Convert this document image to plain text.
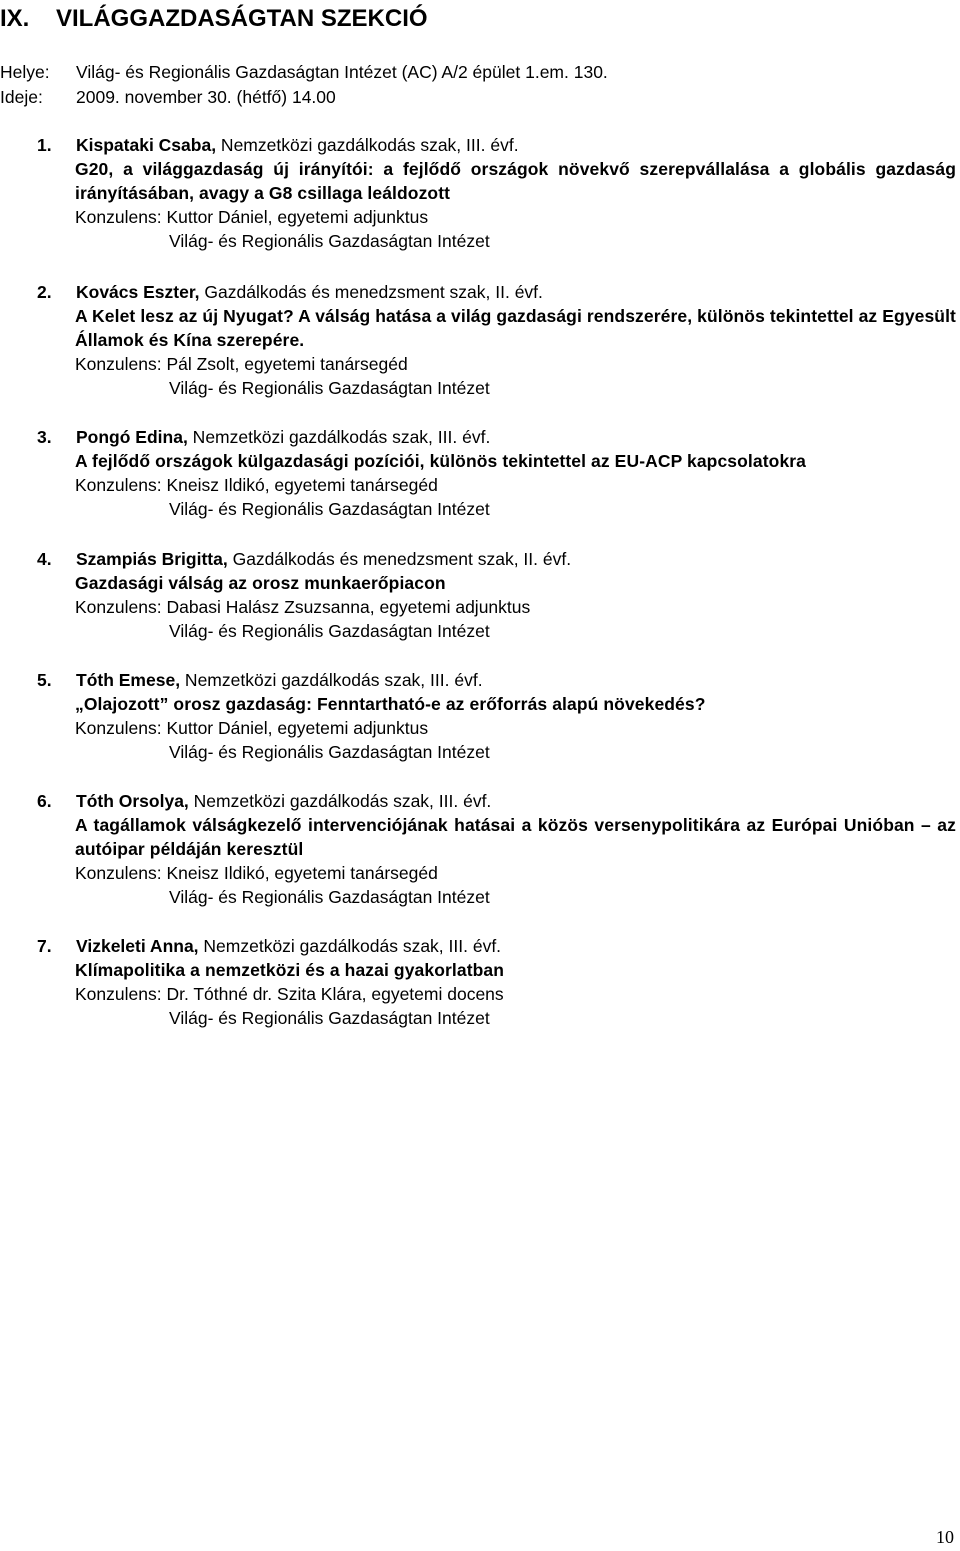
IX. VILÁGGAZDASÁGTAN SZEKCIÓ
Helye: Világ- és Regionális Gazdaságtan Intézet (AC) A/2 épület 1.em. 130.
Ideje: 2009. november 30. (hétfő) 14.00
1. Kispataki Csaba, Nemzetközi gazdálkodás szak, III. évf.
G20, a világgazdaság új irányítói: a fejlődő országok növekvő szerepvállalása a globális gazdaság irányításában, avagy a G8 csillaga leáldozott
Konzulens: Kuttor Dániel, egyetemi adjunktus
Világ- és Regionális Gazdaságtan Intézet
2. Kovács Eszter, Gazdálkodás és menedzsment szak, II. évf.
A Kelet lesz az új Nyugat? A válság hatása a világ gazdasági rendszerére, különös tekintettel az Egyesült Államok és Kína szerepére.
Konzulens: Pál Zsolt, egyetemi tanársegéd
Világ- és Regionális Gazdaságtan Intézet
3. Pongó Edina, Nemzetközi gazdálkodás szak, III. évf.
A fejlődő országok külgazdasági pozíciói, különös tekintettel az EU-ACP kapcsolatokra
Konzulens: Kneisz Ildikó, egyetemi tanársegéd
Világ- és Regionális Gazdaságtan Intézet
4. Szampiás Brigitta, Gazdálkodás és menedzsment szak, II. évf.
Gazdasági válság az orosz munkaerőpiacon
Konzulens: Dabasi Halász Zsuzsanna, egyetemi adjunktus
Világ- és Regionális Gazdaságtan Intézet
5. Tóth Emese, Nemzetközi gazdálkodás szak, III. évf.
„Olajozott” orosz gazdaság: Fenntartható-e az erőforrás alapú növekedés?
Konzulens: Kuttor Dániel, egyetemi adjunktus
Világ- és Regionális Gazdaságtan Intézet
6. Tóth Orsolya, Nemzetközi gazdálkodás szak, III. évf.
A tagállamok válságkezelő intervenciójának hatásai a közös versenypolitikára az Európai Unióban – az autóipar példáján keresztül
Konzulens: Kneisz Ildikó, egyetemi tanársegéd
Világ- és Regionális Gazdaságtan Intézet
7. Vizkeleti Anna, Nemzetközi gazdálkodás szak, III. évf.
Klímapolitika a nemzetközi és a hazai gyakorlatban
Konzulens: Dr. Tóthné dr. Szita Klára, egyetemi docens
Világ- és Regionális Gazdaságtan Intézet
10
